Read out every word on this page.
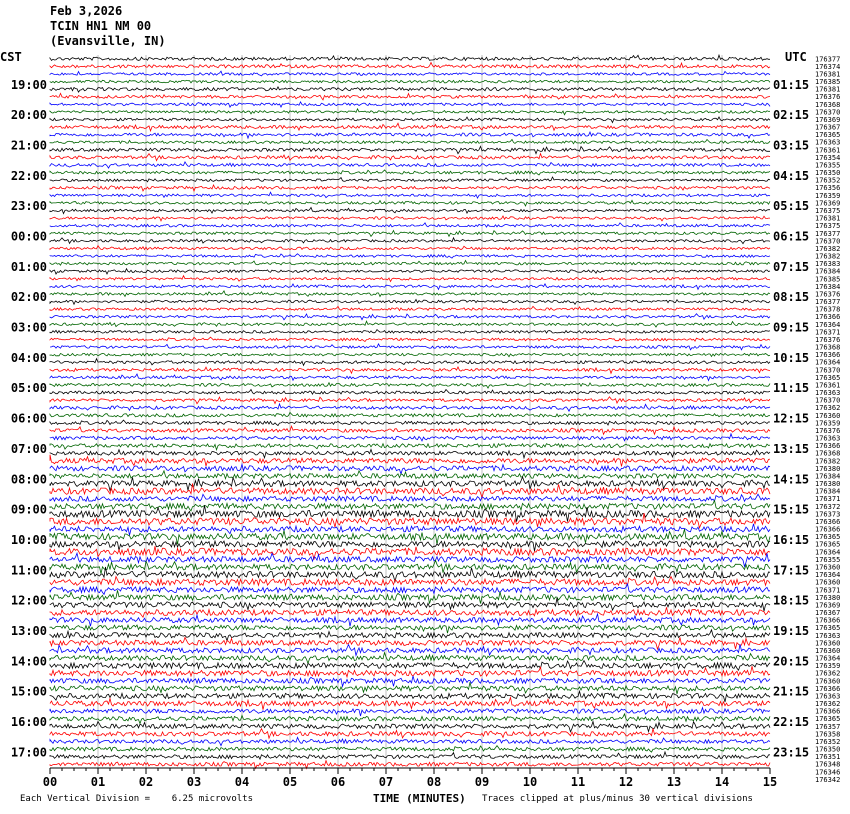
Feb 3,2026
TCIN HN1 NM 00
(Evansville, IN)
CST	UTC
19:00
20:00
21:00
22:00
23:00
00:00
01:00
02:00
03:00
04:00
05:00
06:00
07:00
08:00
09:00
10:00
11:00
12:00
13:00
14:00
15:00
16:00
17:00
01:15
02:15
03:15
04:15
05:15
06:15
07:15
08:15
09:15
10:15
11:15
12:15
13:15
14:15
15:15
16:15
17:15
18:15
19:15
20:15
21:15
22:15
23:15
176377
176374
176381
176385
176381
176376
176368
176370
176369
176367
176365
176363
176361
176354
176355
176350
176352
176356
176359
176369
176375
176381
176375
176377
176370
176382
176382
176383
176384
176385
176384
176376
176377
176378
176366
176364
176371
176376
176368
176366
176364
176370
176365
176361
176363
176370
176362
176360
176359
176376
176363
176366
176368
176382
176380
176384
176380
176384
176371
176372
176373
176366
176366
176365
176365
176364
176355
176360
176364
176360
176371
176380
176369
176367
176366
176365
176363
176360
176360
176364
176359
176362
176360
176366
176363
176362
176366
176365
176357
176358
176352
176350
176351
176348
176346
176342
00	01	02	03	04	05	06	07	08	09	10	11	12	13	14	15
Each Vertical Division =    6.25 microvolts	TIME (MINUTES) Traces clipped at plus/minus 30 vertical divisions
